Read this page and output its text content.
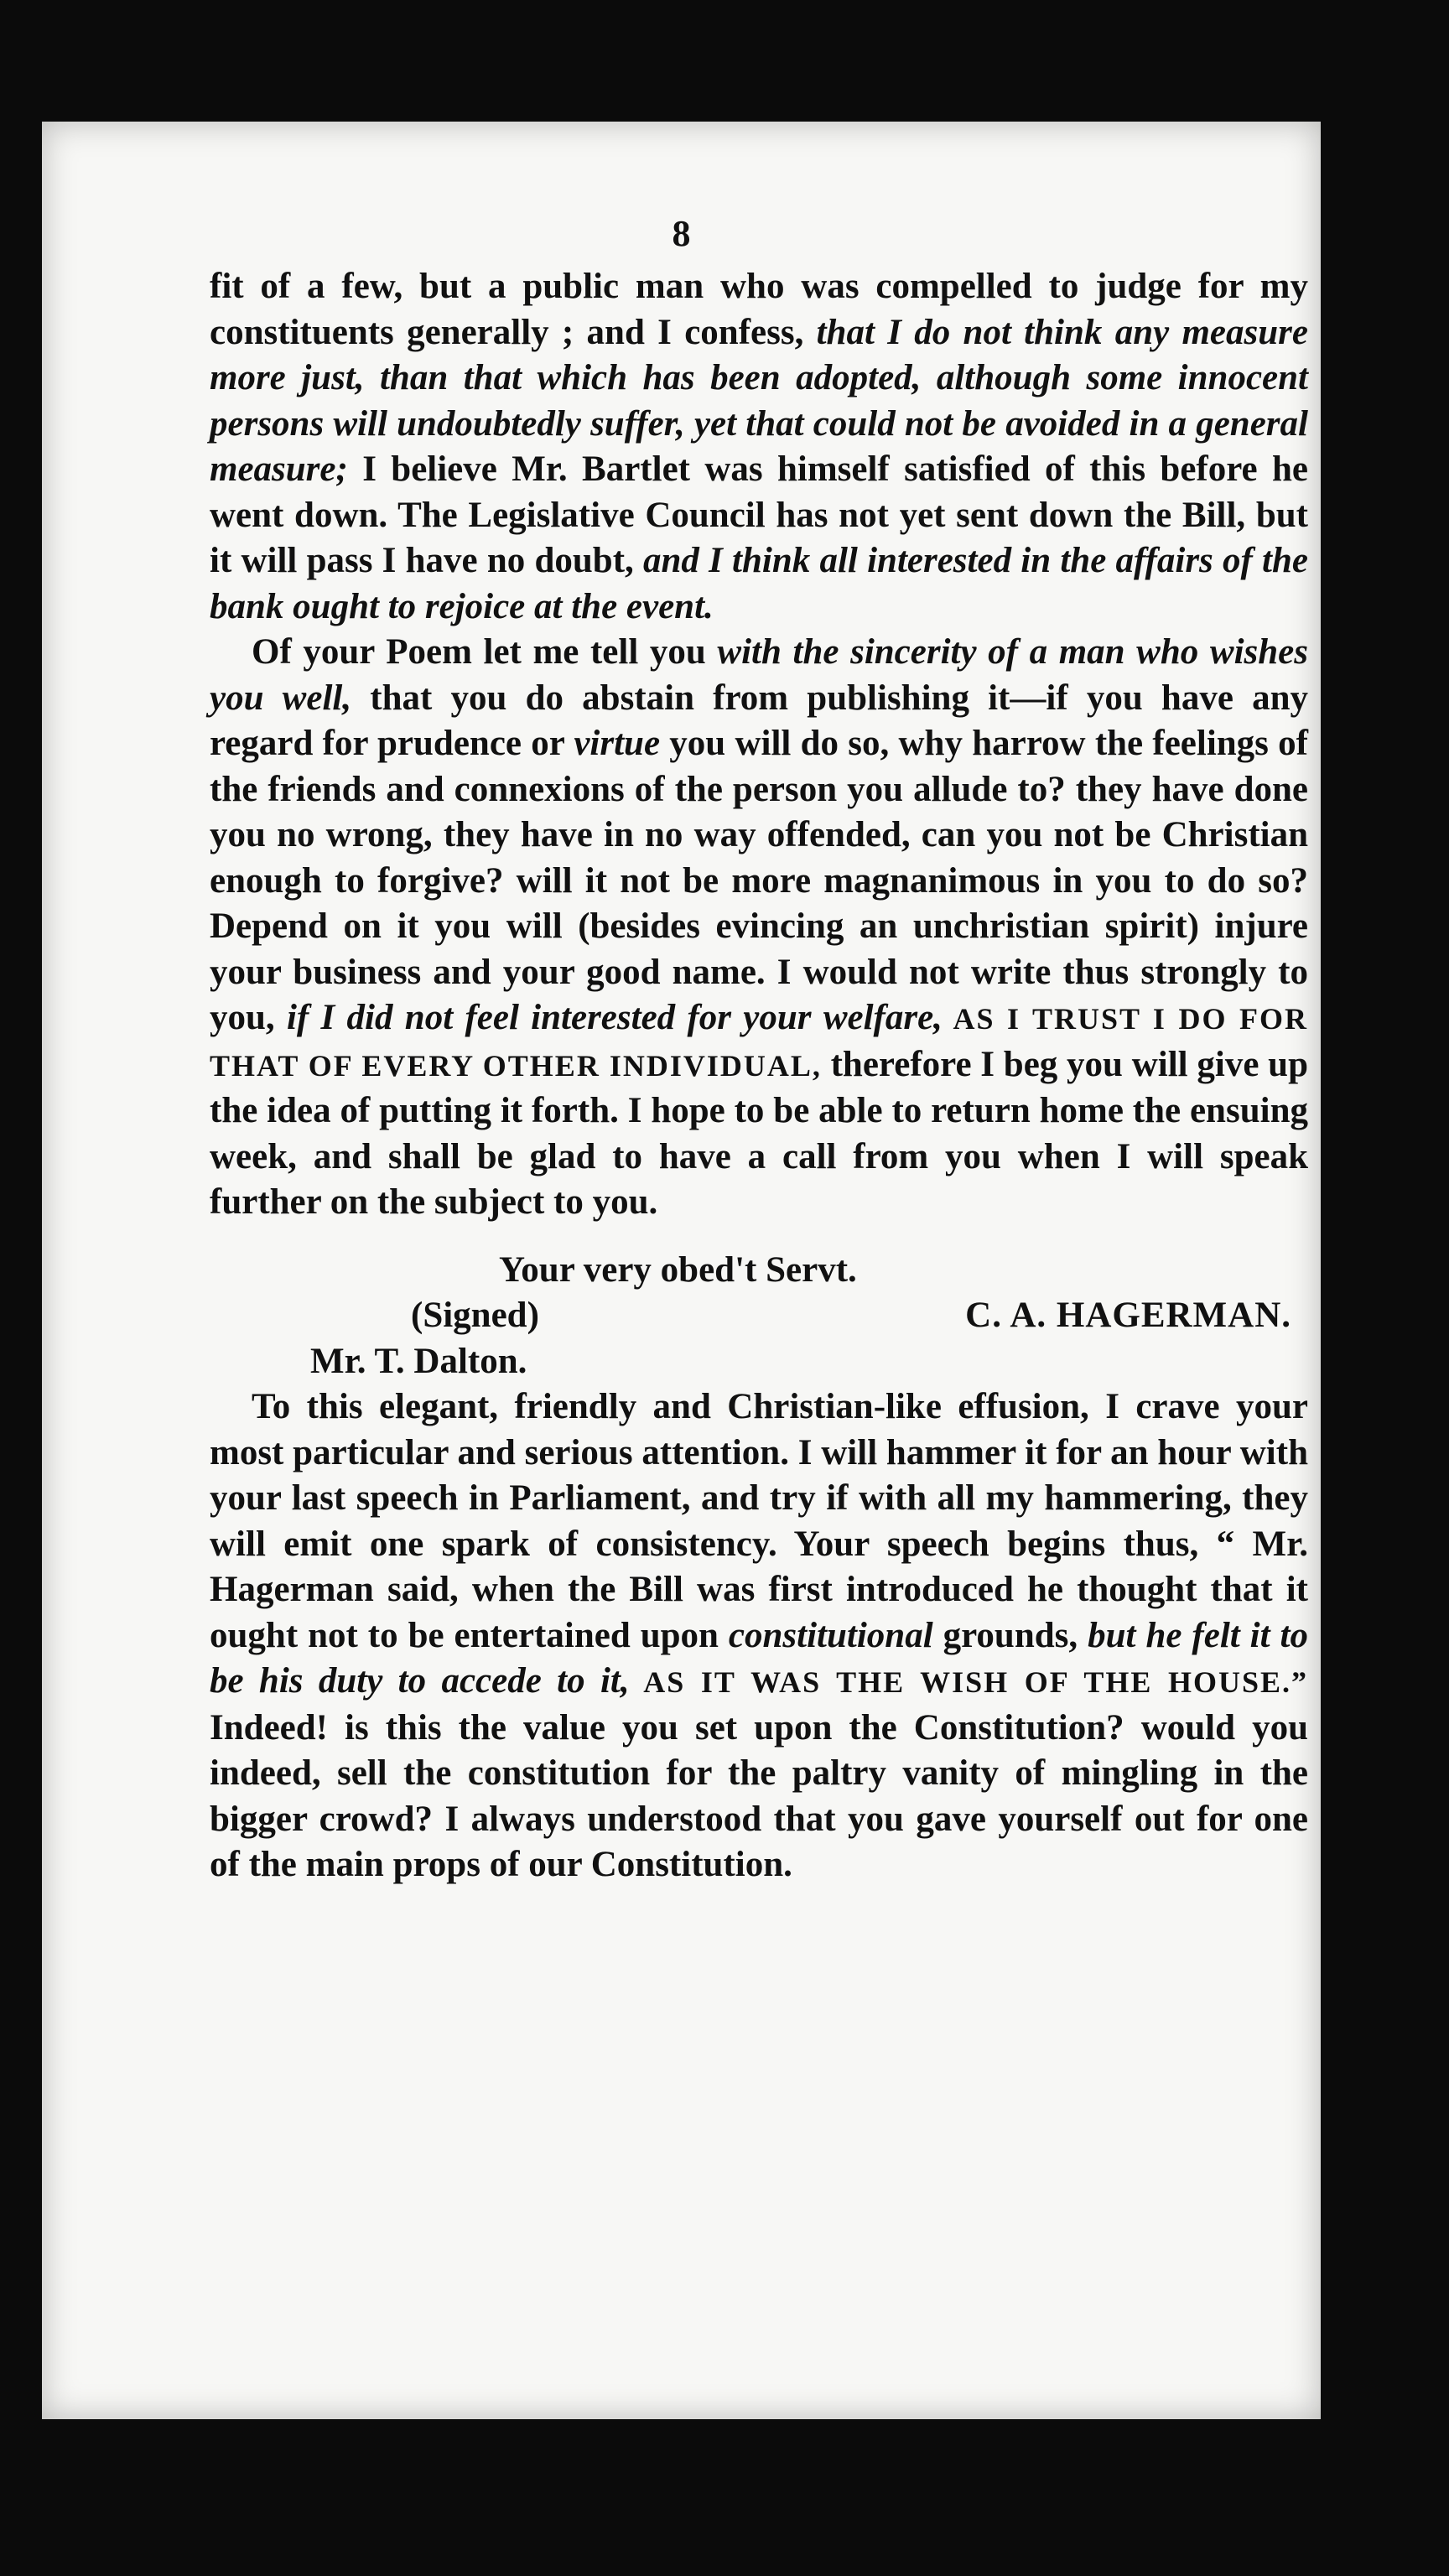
8

fit of a few, but a public man who was compelled to judge for my constituents generally ; and I confess, that I do not think any measure more just, than that which has been adopted, although some innocent persons will undoubtedly suffer, yet that could not be avoided in a general measure; I believe Mr. Bartlet was himself satisfied of this before he went down. The Legislative Council has not yet sent down the Bill, but it will pass I have no doubt, and I think all interested in the affairs of the bank ought to rejoice at the event.

Of your Poem let me tell you with the sincerity of a man who wishes you well, that you do abstain from publishing it—if you have any regard for prudence or virtue you will do so, why harrow the feelings of the friends and connexions of the person you allude to? they have done you no wrong, they have in no way offended, can you not be Christian enough to forgive? will it not be more magnanimous in you to do so? Depend on it you will (besides evincing an unchristian spirit) injure your business and your good name. I would not write thus strongly to you, if I did not feel interested for your welfare, AS I TRUST I DO FOR THAT OF EVERY OTHER INDIVIDUAL, therefore I beg you will give up the idea of putting it forth. I hope to be able to return home the ensuing week, and shall be glad to have a call from you when I will speak further on the subject to you.

Your very obed't Servt.
(Signed)	C. A. HAGERMAN.
Mr. T. Dalton.

To this elegant, friendly and Christian-like effusion, I crave your most particular and serious attention. I will hammer it for an hour with your last speech in Parliament, and try if with all my hammering, they will emit one spark of consistency. Your speech begins thus, “ Mr. Hagerman said, when the Bill was first introduced he thought that it ought not to be entertained upon constitutional grounds, but he felt it to be his duty to accede to it, AS IT WAS THE WISH OF THE HOUSE.” Indeed! is this the value you set upon the Constitution? would you indeed, sell the constitution for the paltry vanity of mingling in the bigger crowd? I always understood that you gave yourself out for one of the main props of our Constitution.
